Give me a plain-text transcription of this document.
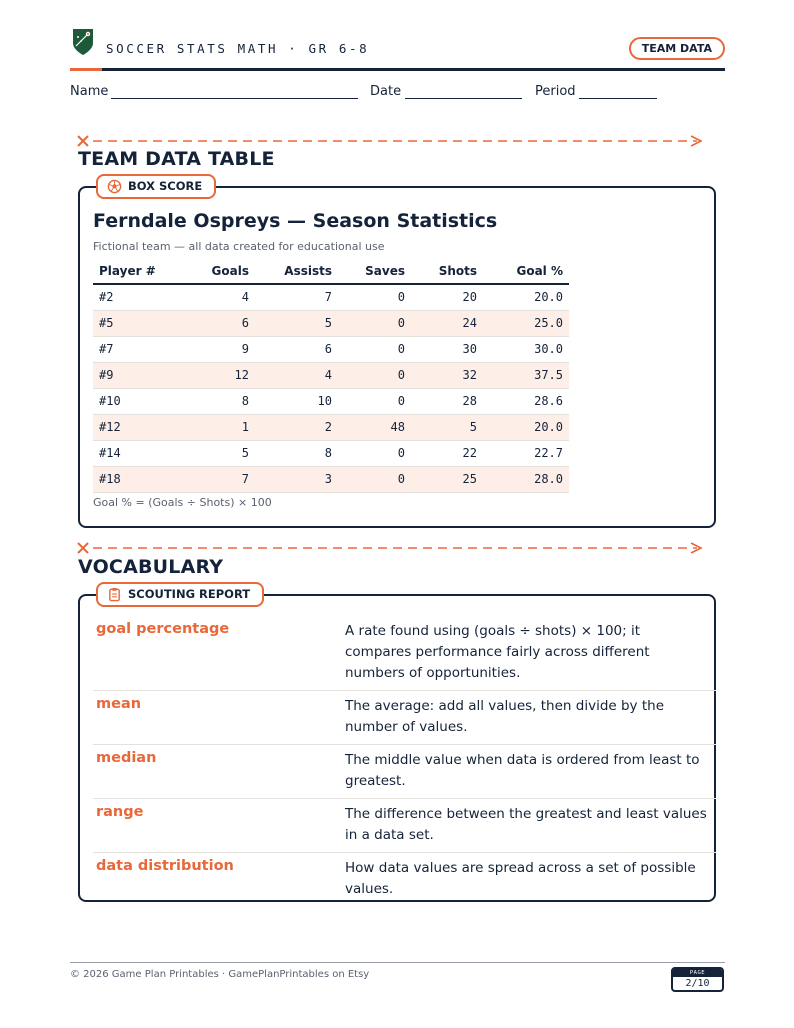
SOCCER STATS MATH · GR 6-8	TEAM DATA
Name	Date	Period
TEAM DATA TABLE
BOX SCORE
Ferndale Ospreys — Season Statistics
Fictional team — all data created for educational use
Player #	Goals	Assists	Saves	Shots	Goal %
#2	4	7	0	20	20.0
#5	6	5	0	24	25.0
#7	9	6	0	30	30.0
#9	12	4	0	32	37.5
#10	8	10	0	28	28.6
#12	1	2	48	5	20.0
#14	5	8	0	22	22.7
#18	7	3	0	25	28.0
Goal % = (Goals ÷ Shots) × 100
VOCABULARY
SCOUTING REPORT
goal percentage	A rate found using (goals ÷ shots) × 100; it compares performance fairly across different numbers of opportunities.
mean	The average: add all values, then divide by the number of values.
median	The middle value when data is ordered from least to greatest.
range	The difference between the greatest and least values in a data set.
data distribution	How data values are spread across a set of possible values.
© 2026 Game Plan Printables · GamePlanPrintables on Etsy	PAGE
2/10
